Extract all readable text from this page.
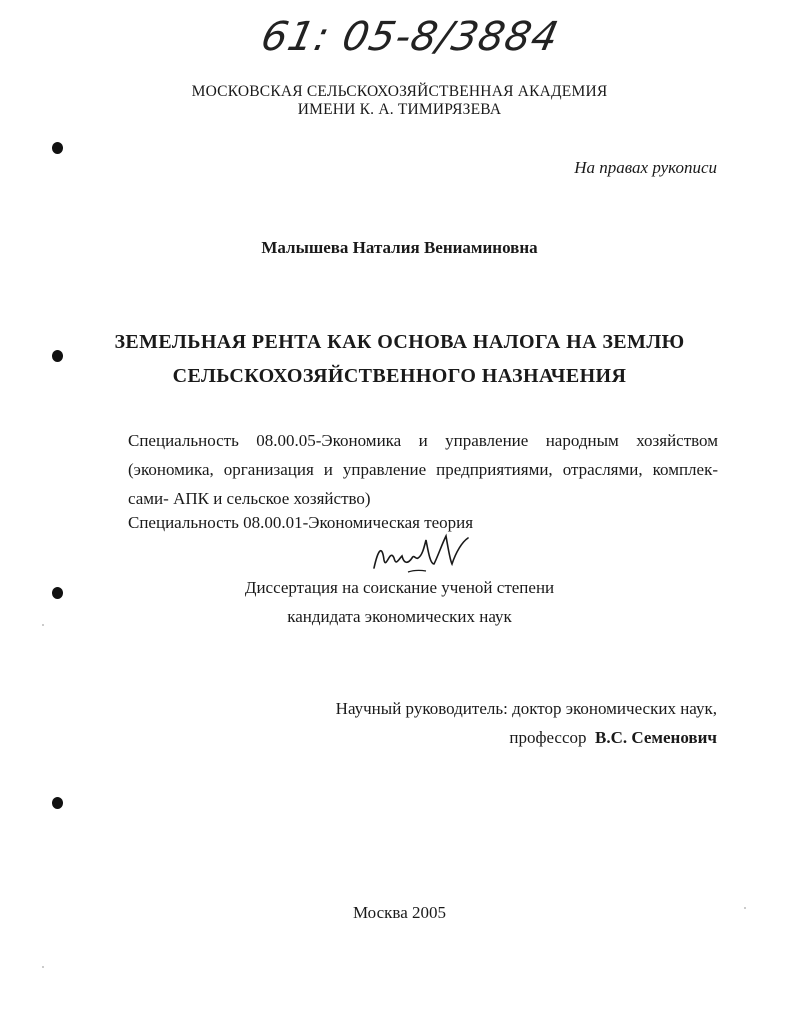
61: 05-8/3884
МОСКОВСКАЯ СЕЛЬСКОХОЗЯЙСТВЕННАЯ АКАДЕМИЯ
ИМЕНИ К. А. ТИМИРЯЗЕВА
На правах рукописи
Малышева Наталия Вениаминовна
ЗЕМЕЛЬНАЯ РЕНТА КАК ОСНОВА НАЛОГА НА ЗЕМЛЮ
СЕЛЬСКОХОЗЯЙСТВЕННОГО НАЗНАЧЕНИЯ
Специальность 08.00.05-Экономика и управление народным хозяйством
(экономика, организация и управление предприятиями, отраслями, комплек-
сами- АПК и сельское хозяйство)
Специальность 08.00.01-Экономическая теория
Диссертация на соискание ученой степени
кандидата экономических наук
Научный руководитель: доктор экономических наук,
профессор В.С. Семенович
Москва 2005
